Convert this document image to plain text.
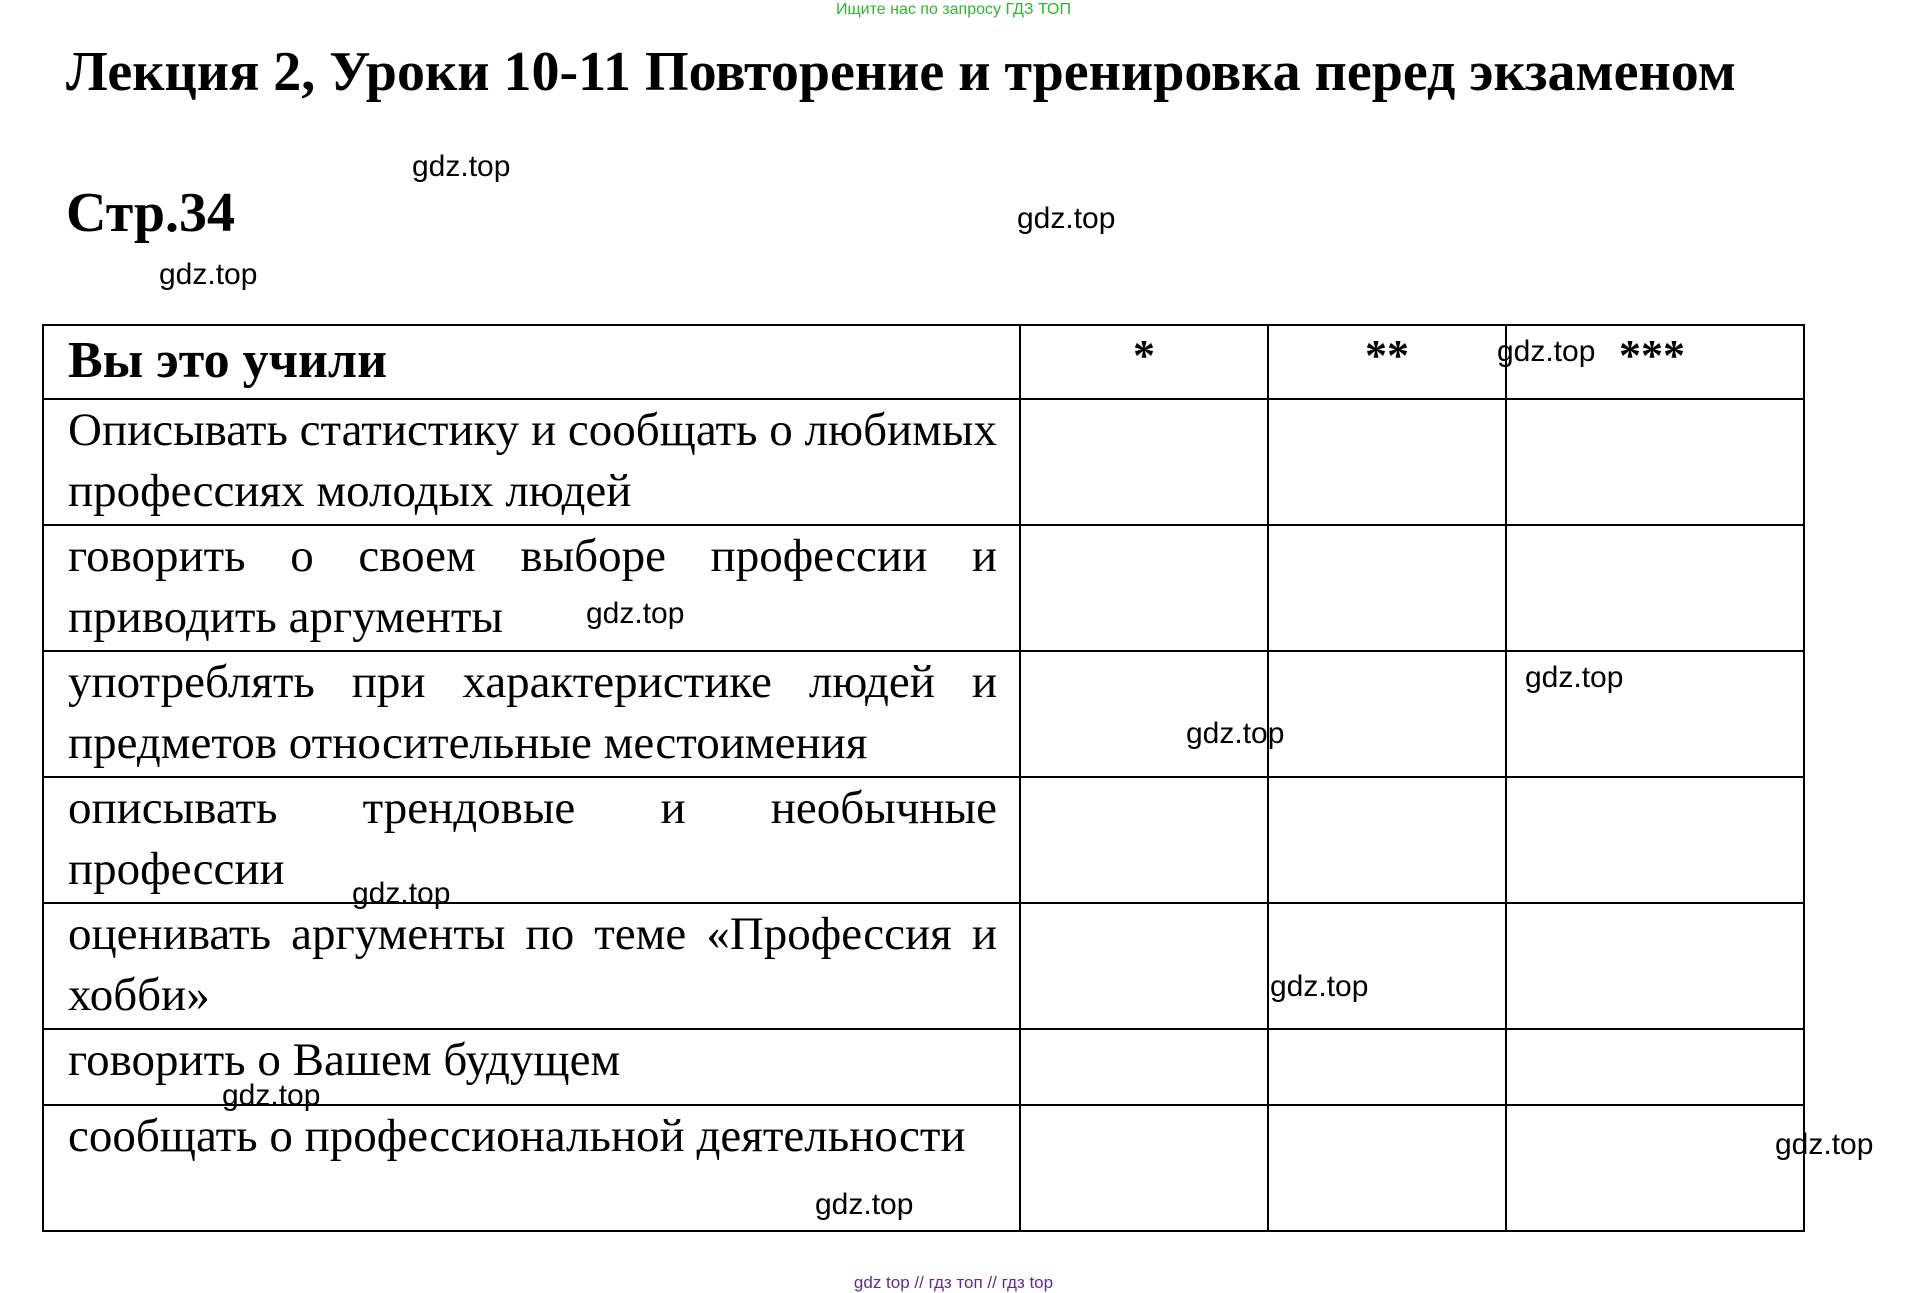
Ищите нас по запросу ГДЗ ТОП

Лекция 2, Уроки 10-11 Повторение и тренировка перед экзаменом

Стр.34

Вы это учили	*	**	***
Описывать статистику и сообщать о любимых профессиях молодых людей			
говорить о своем выборе профессии и приводить аргументы			
употреблять при характеристике людей и предметов относительные местоимения			
описывать трендовые и необычные профессии			
оценивать аргументы по теме «Профессия и хобби»			
говорить о Вашем будущем			
сообщать о профессиональной деятельности			
gdz.top
gdz.top
gdz.top
gdz.top
gdz.top
gdz.top
gdz.top
gdz.top
gdz.top
gdz.top
gdz.top
gdz.top
gdz top // гдз топ // гдз top
